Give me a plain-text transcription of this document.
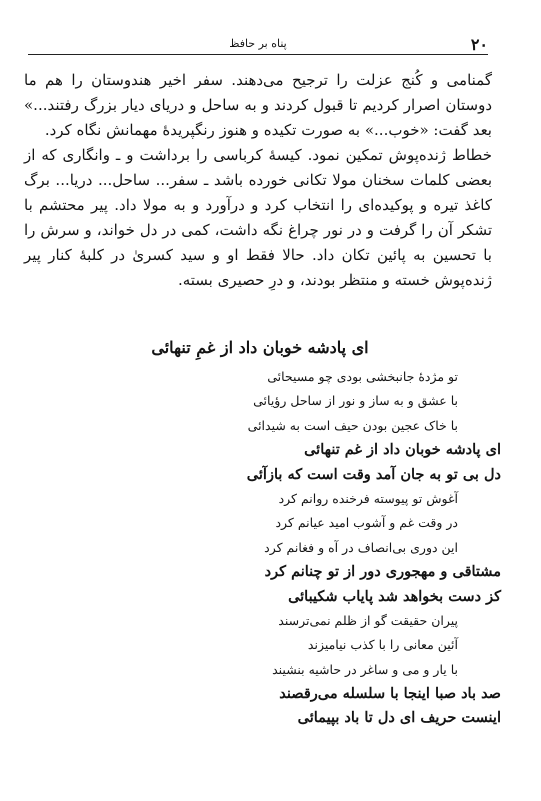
۲۰
پناه بر حافظ

گمنامی و کُنج عزلت را ترجیح می‌دهند. سفر اخیر هندوستان را هم ما دوستان اصرار کردیم تا قبول کردند و به ساحل و دریای دیار بزرگ رفتند...» بعد گفت: «خوب...» به صورت تکیده و هنوز رنگپریدهٔ مهمانش نگاه کرد.

خطاط ژنده‌پوش تمکین نمود. کیسهٔ کرباسی را برداشت و ـ وانگاری که از بعضی کلمات سخنان مولا تکانی خورده باشد ـ سفر... ساحل... دریا... برگ کاغذ تیره و پوکیده‌ای را انتخاب کرد و درآورد و به مولا داد. پیر محتشم با تشکر آن را گرفت و در نور چراغ نگه داشت، کمی در دل خواند، و سرش را با تحسین به پائین تکان داد. حالا فقط او و سید کسریٰ در کلبهٔ کنار پیر ژنده‌پوش خسته و منتظر بودند، و درِ حصیری بسته.

ای پادشه خوبان داد از غمِ تنهائی
تو مژدهٔ جانبخشی بودی چو مسیحائی
با عشق و به ساز و نور از ساحل رؤیائی
با خاک عجین بودن حیف است به شیدائی
ای پادشه خوبان داد از غم تنهائی
دل بی تو به جان آمد وقت است که بازآئی
آغوش تو پیوسته فرخنده روانم کرد
در وقت غم و آشوب امید عیانم کرد
این دوری بی‌انصاف در آه و فغانم کرد
مشتاقی و مهجوری دور از تو چنانم کرد
کز دست بخواهد شد پایاب شکیبائی
پیران حقیقت گو از ظلم نمی‌ترسند
آئین معانی را با کذب نیامیزند
با یار و می و ساغر در حاشیه بنشیند
صد باد صبا اینجا با سلسله می‌رقصند
اینست حریف ای دل تا باد بپیمائی
